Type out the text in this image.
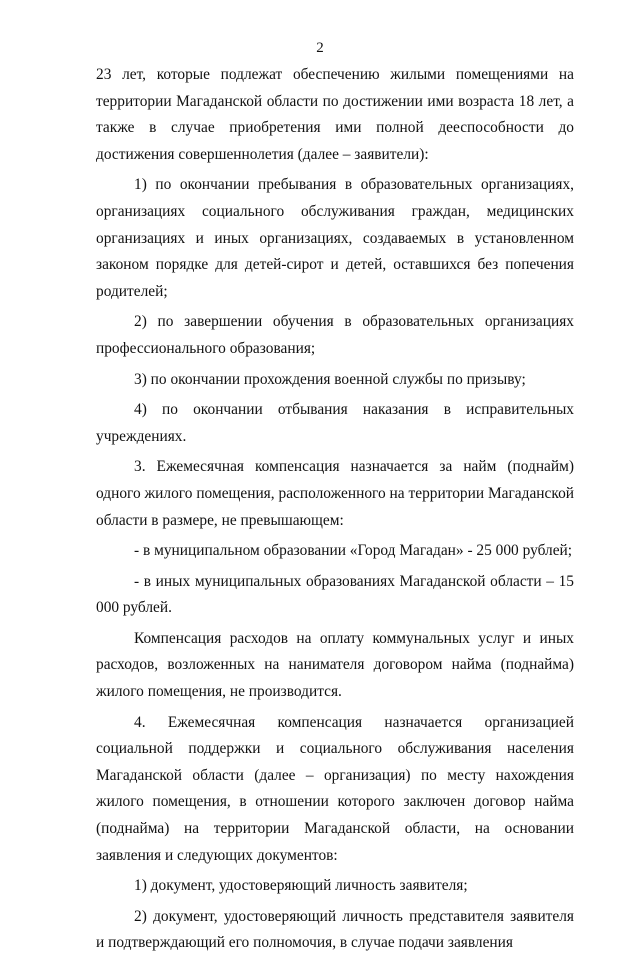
2

23 лет, которые подлежат обеспечению жилыми помещениями на территории Магаданской области по достижении ими возраста 18 лет, а также в случае приобретения ими полной дееспособности до достижения совершеннолетия (далее – заявители):

1) по окончании пребывания в образовательных организациях, организациях социального обслуживания граждан, медицинских организациях и иных организациях, создаваемых в установленном законом порядке для детей-сирот и детей, оставшихся без попечения родителей;

2) по завершении обучения в образовательных организациях профессионального образования;

3) по окончании прохождения военной службы по призыву;

4) по окончании отбывания наказания в исправительных учреждениях.

3. Ежемесячная компенсация назначается за найм (поднайм) одного жилого помещения, расположенного на территории Магаданской области в размере, не превышающем:

- в муниципальном образовании «Город Магадан» - 25 000 рублей;

- в иных муниципальных образованиях Магаданской области – 15 000 рублей.

Компенсация расходов на оплату коммунальных услуг и иных расходов, возложенных на нанимателя договором найма (поднайма) жилого помещения, не производится.

4. Ежемесячная компенсация назначается организацией социальной поддержки и социального обслуживания населения Магаданской области (далее – организация) по месту нахождения жилого помещения, в отношении которого заключен договор найма (поднайма) на территории Магаданской области, на основании заявления и следующих документов:

1) документ, удостоверяющий личность заявителя;

2) документ, удостоверяющий личность представителя заявителя и подтверждающий его полномочия, в случае подачи заявления
